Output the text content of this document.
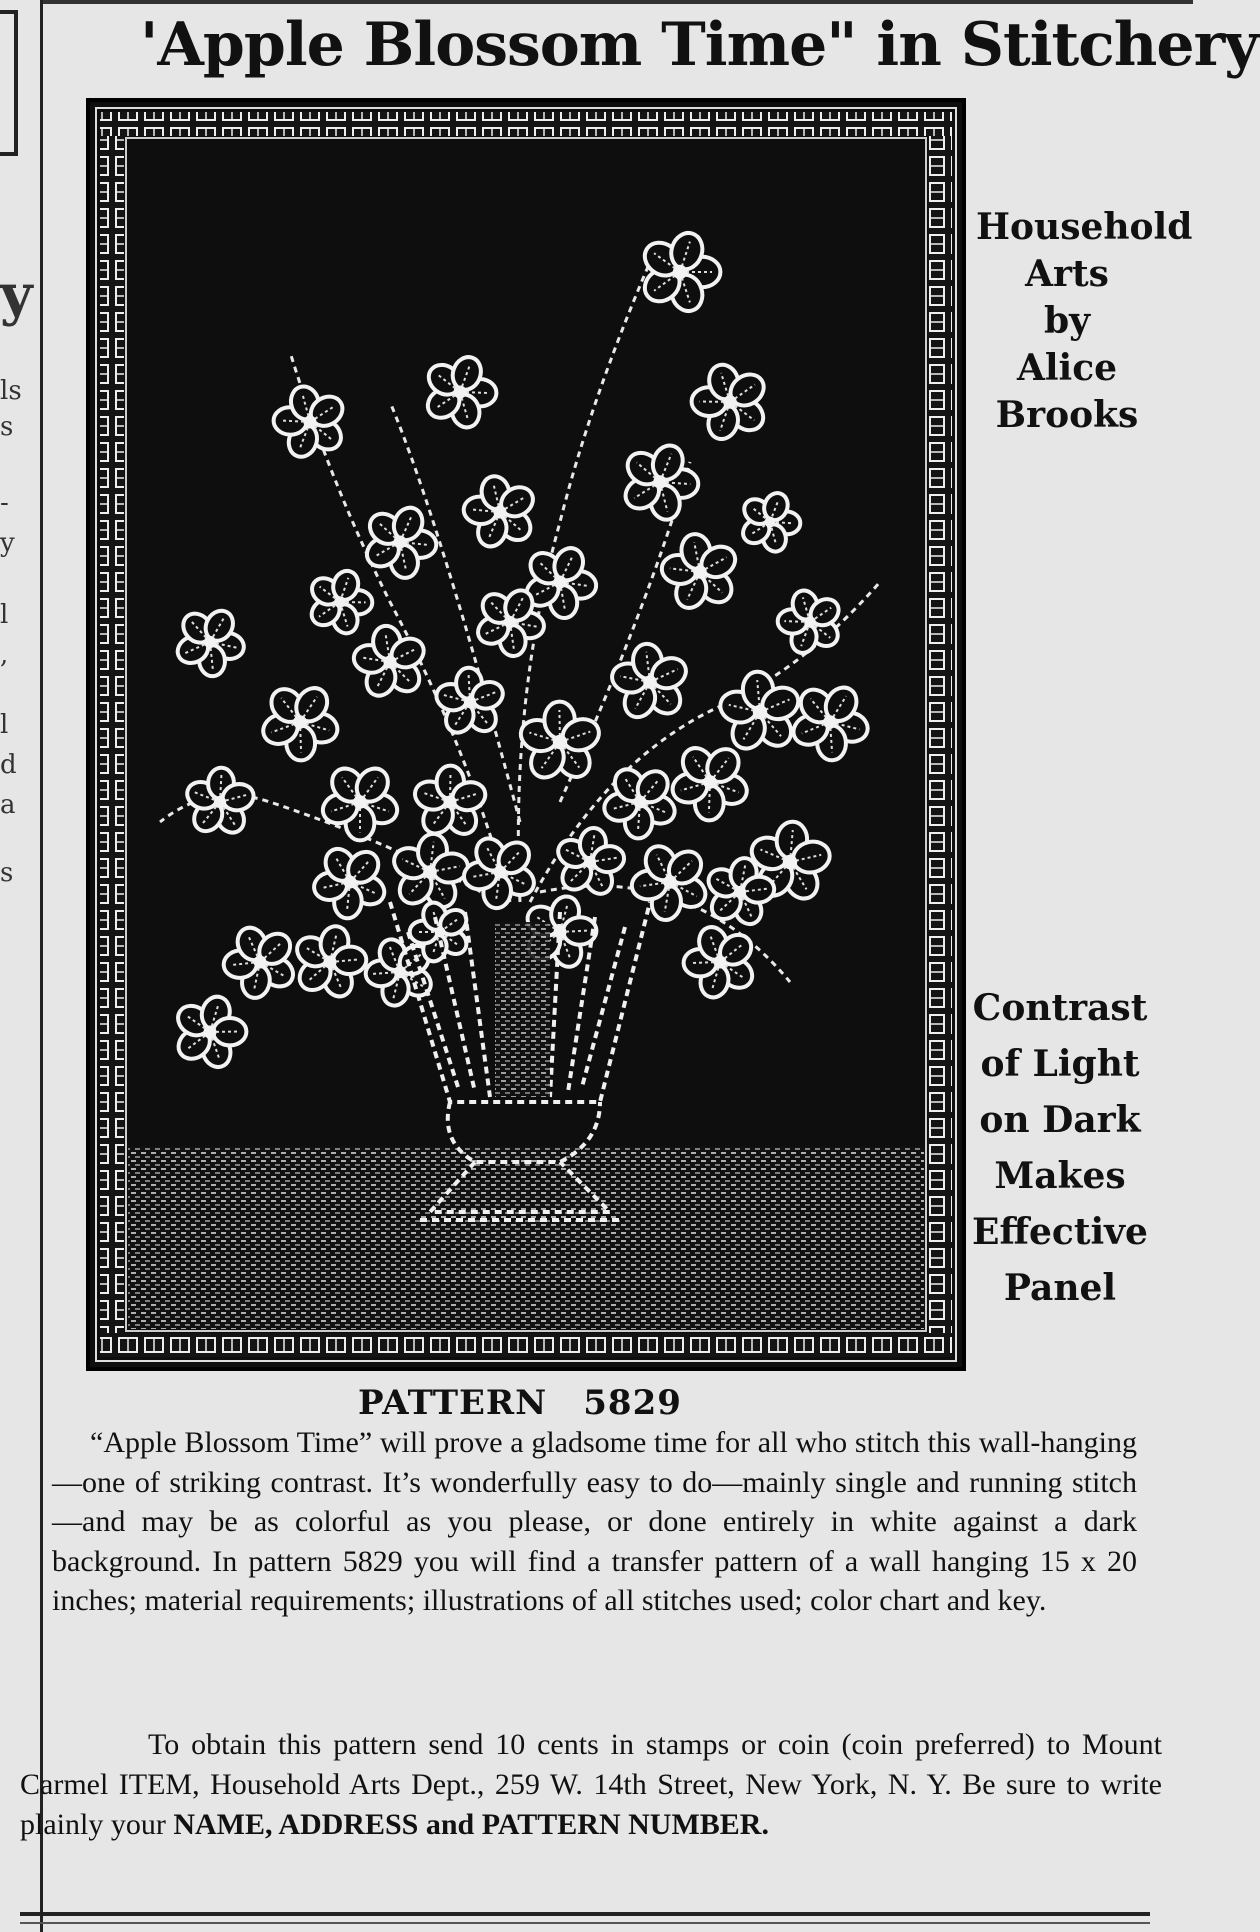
y
ls
s
-
y
l
,
l
d
a
s
'Apple Blossom Time" in Stitchery
Household
Arts
by
Alice
Brooks
Contrast
of Light
on Dark
Makes
Effective
Panel
PATTERN 5829
“Apple Blossom Time” will prove a gladsome time for all who stitch this wall-hanging—one of striking contrast. It’s wonderfully easy to do—mainly single and running stitch—and may be as colorful as you please, or done entirely in white against a dark background. In pattern 5829 you will find a transfer pattern of a wall hanging 15 x 20 inches; material requirements; illustrations of all stitches used; color chart and key.
To obtain this pattern send 10 cents in stamps or coin (coin preferred) to Mount Carmel ITEM, Household Arts Dept., 259 W. 14th Street, New York, N. Y. Be sure to write plainly your NAME, ADDRESS and PATTERN NUMBER.
